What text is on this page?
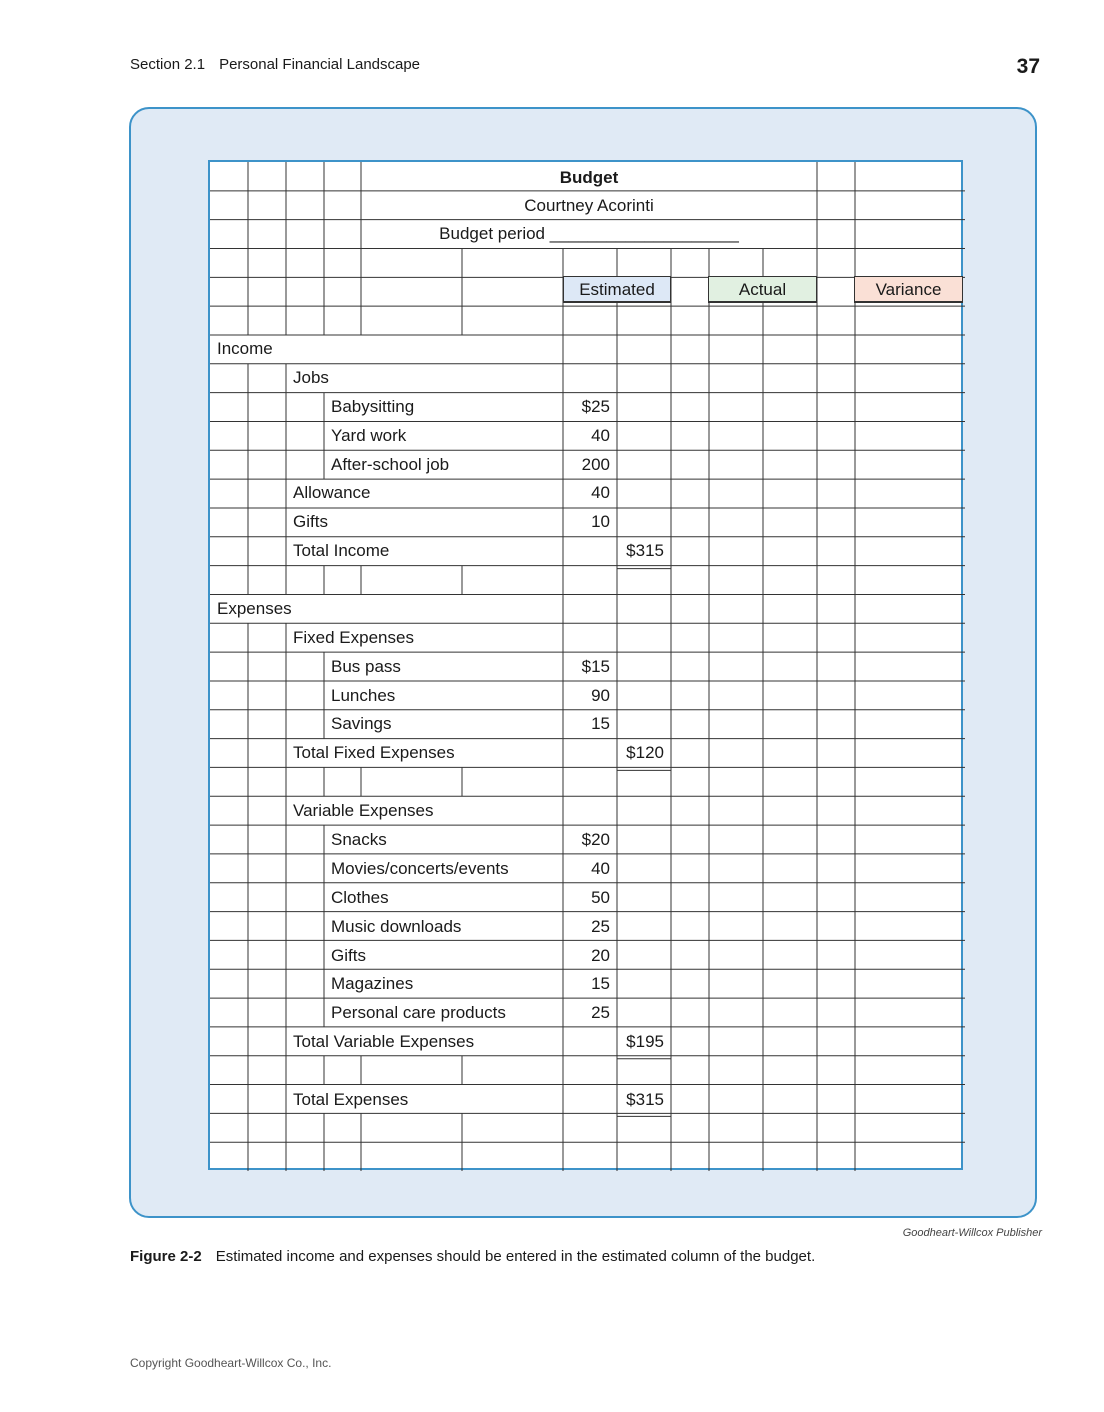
Section 2.1 Personal Financial Landscape	37
Budget
Courtney Acorinti
Budget period ____________________
Estimated	Actual	Variance
Income
Jobs
Babysitting	$25
Yard work	40
After-school job	200
Allowance	40
Gifts	10
Total Income	$315
Expenses
Fixed Expenses
Bus pass	$15
Lunches	90
Savings	15
Total Fixed Expenses	$120
Variable Expenses
Snacks	$20
Movies/concerts/events	40
Clothes	50
Music downloads	25
Gifts	20
Magazines	15
Personal care products	25
Total Variable Expenses	$195
Total Expenses	$315
Goodheart-Willcox Publisher
Figure 2-2 Estimated income and expenses should be entered in the estimated column of the budget.
Copyright Goodheart-Willcox Co., Inc.
